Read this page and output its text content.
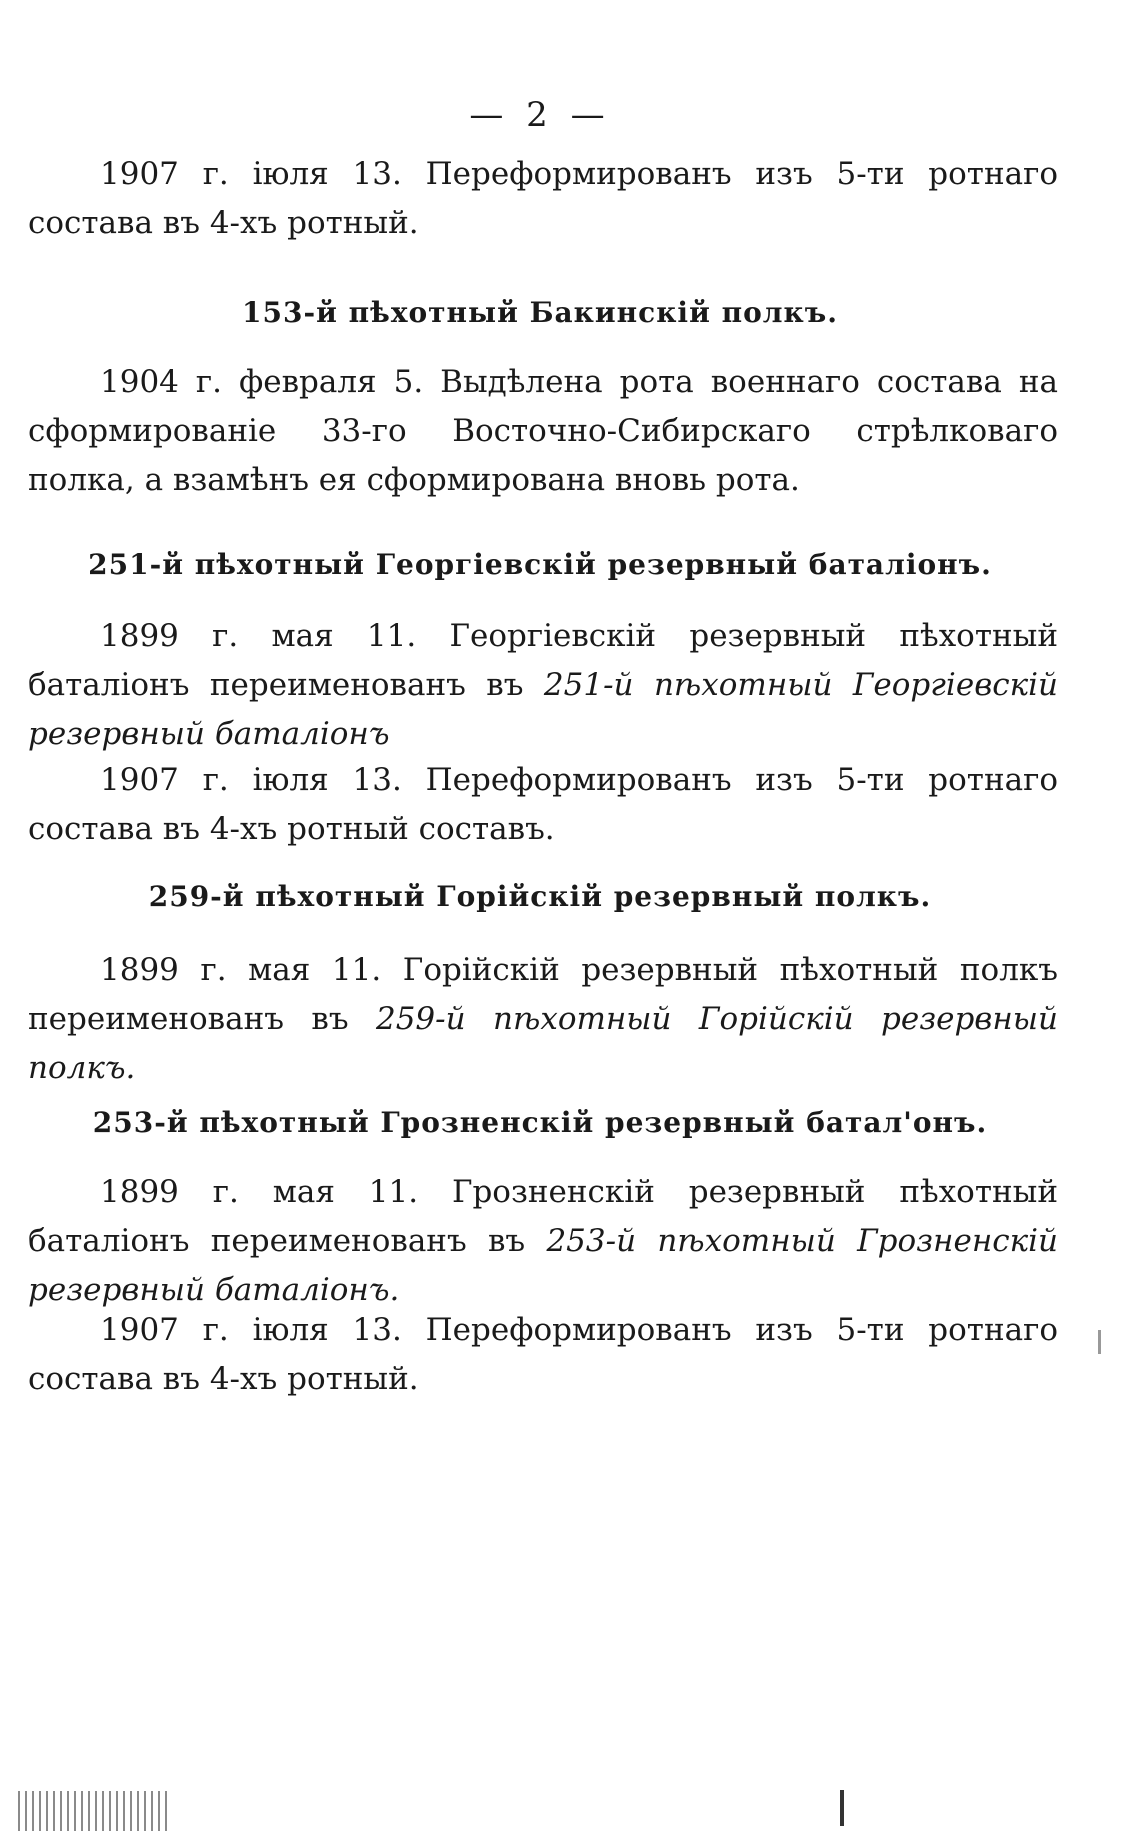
— 2 —

1907 г. іюля 13. Переформированъ изъ 5-ти ротнаго состава въ 4-хъ ротный.

153-й пѣхотный Бакинскій полкъ.

1904 г. февраля 5. Выдѣлена рота военнаго состава на сформированіе 33-го Восточно-Сибирскаго стрѣлковаго полка, а взамѣнъ ея сформирована вновь рота.

251-й пѣхотный Георгіевскій резервный баталіонъ.

1899 г. мая 11. Георгіевскій резервный пѣхотный баталіонъ переименованъ въ 251-й пѣхотный Георгіевскій резервный баталіонъ

1907 г. іюля 13. Переформированъ изъ 5-ти ротнаго состава въ 4-хъ ротный составъ.

259-й пѣхотный Горійскій резервный полкъ.

1899 г. мая 11. Горійскій резервный пѣхотный полкъ переименованъ въ 259-й пѣхотный Горійскій резервный полкъ.

253-й пѣхотный Грозненскій резервный батал'онъ.

1899 г. мая 11. Грозненскій резервный пѣхотный баталіонъ переименованъ въ 253-й пѣхотный Грозненскій резервный баталіонъ.

1907 г. іюля 13. Переформированъ изъ 5-ти ротнаго состава въ 4-хъ ротный.
